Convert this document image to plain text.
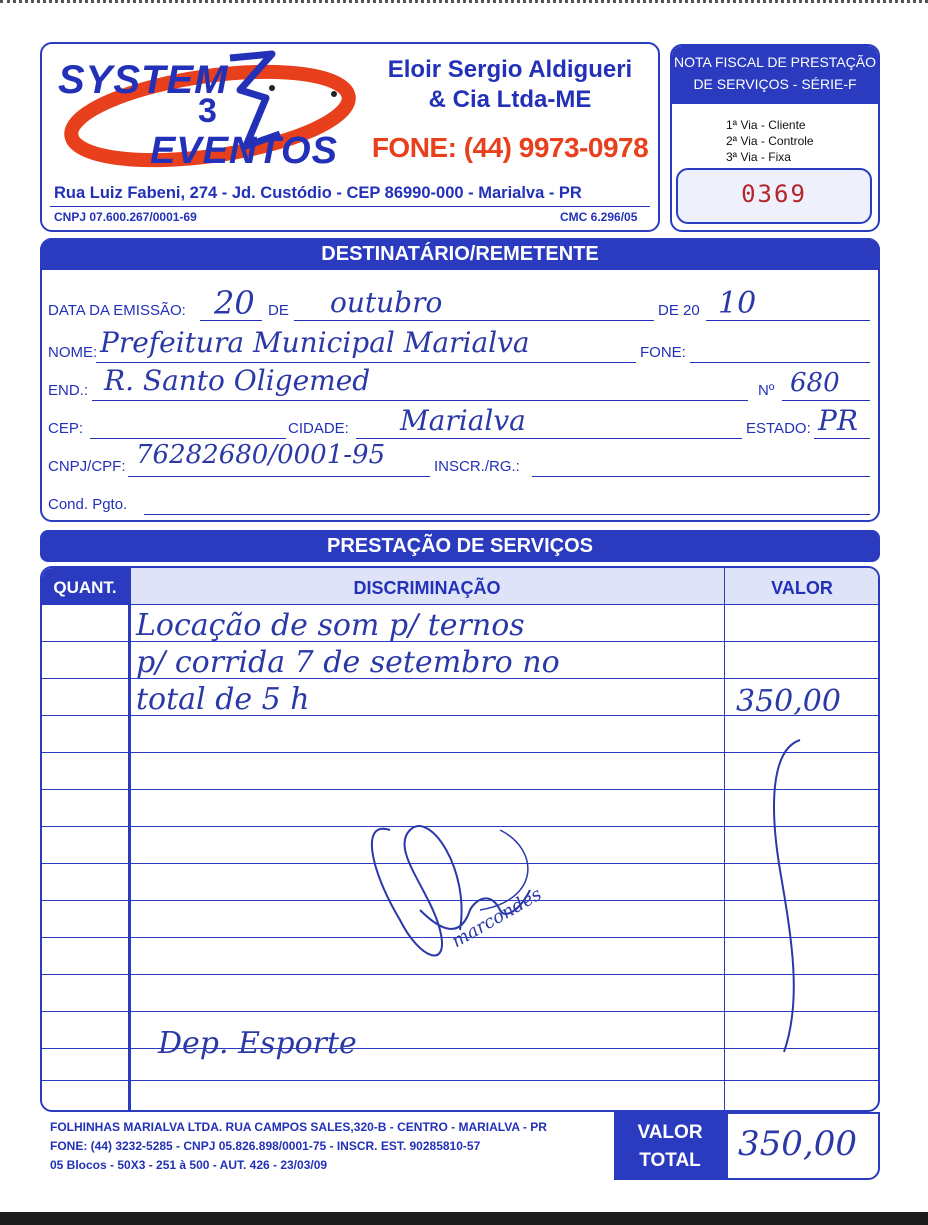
SYSTEM
3
EVENTOS
Eloir Sergio Aldigueri
& Cia Ltda-ME
FONE: (44) 9973-0978
Rua Luiz Fabeni, 274 - Jd. Custódio - CEP 86990-000 - Marialva - PR
CNPJ 07.600.267/0001-69	CMC 6.296/05
NOTA FISCAL DE PRESTAÇÃO
DE SERVIÇOS - SÉRIE-F
1ª Via - Cliente
2ª Via - Controle
3ª Via - Fixa
0369
DESTINATÁRIO/REMETENTE
DATA DA EMISSÃO: 20 DE outubro	DE 20 10
NOME: Prefeitura Municipal Marialva	FONE:
END.: R. Santo Oligemed	Nº 680
CEP:	CIDADE: Marialva	ESTADO: PR
CNPJ/CPF: 76282680/0001-95	INSCR./RG.:
Cond. Pgto.
PRESTAÇÃO DE SERVIÇOS
QUANT.	DISCRIMINAÇÃO	VALOR
Locação de som p/ ternos
p/ corrida 7 de setembro no
total de 5 h	350,00
marcondes
Dep. Esporte
FOLHINHAS MARIALVA LTDA. RUA CAMPOS SALES,320-B - CENTRO - MARIALVA - PR
FONE: (44) 3232-5285 - CNPJ 05.826.898/0001-75 - INSCR. EST. 90285810-57
05 Blocos - 50X3 - 251 à 500 - AUT. 426 - 23/03/09
VALOR
TOTAL	350,00
